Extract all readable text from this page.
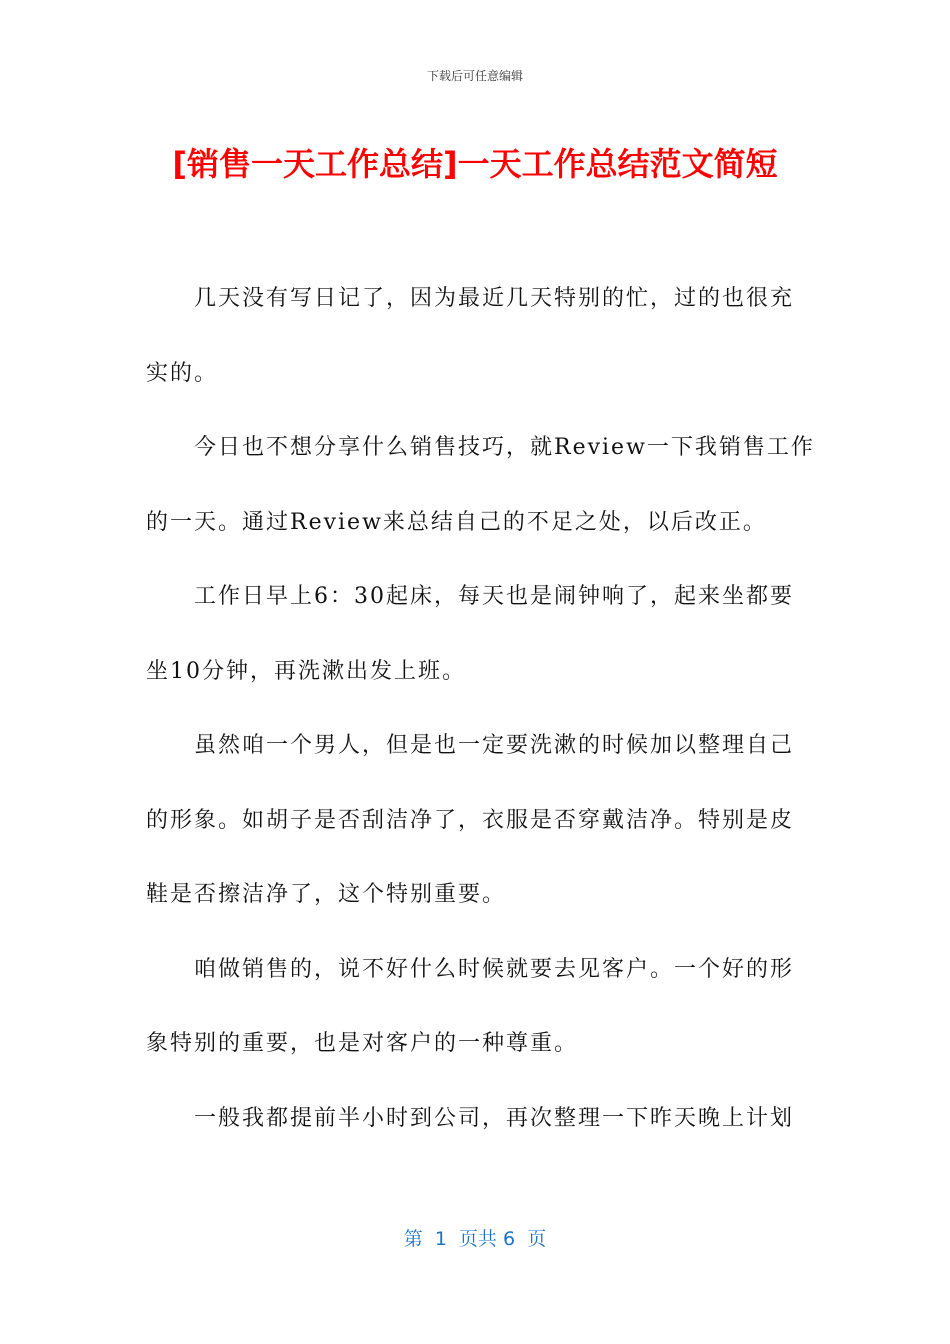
下载后可任意编辑
[销售一天工作总结]一天工作总结范文简短

几天没有写日记了，因为最近几天特别的忙，过的也很充
实的。

今日也不想分享什么销售技巧，就Review一下我销售工作
的一天。通过Review来总结自己的不足之处，以后改正。

工作日早上6：30起床，每天也是闹钟响了，起来坐都要
坐10分钟，再洗漱出发上班。

虽然咱一个男人，但是也一定要洗漱的时候加以整理自己
的形象。如胡子是否刮洁净了，衣服是否穿戴洁净。特别是皮
鞋是否擦洁净了，这个特别重要。

咱做销售的，说不好什么时候就要去见客户。一个好的形
象特别的重要，也是对客户的一种尊重。

一般我都提前半小时到公司，再次整理一下昨天晚上计划

第  1  页共 6  页
